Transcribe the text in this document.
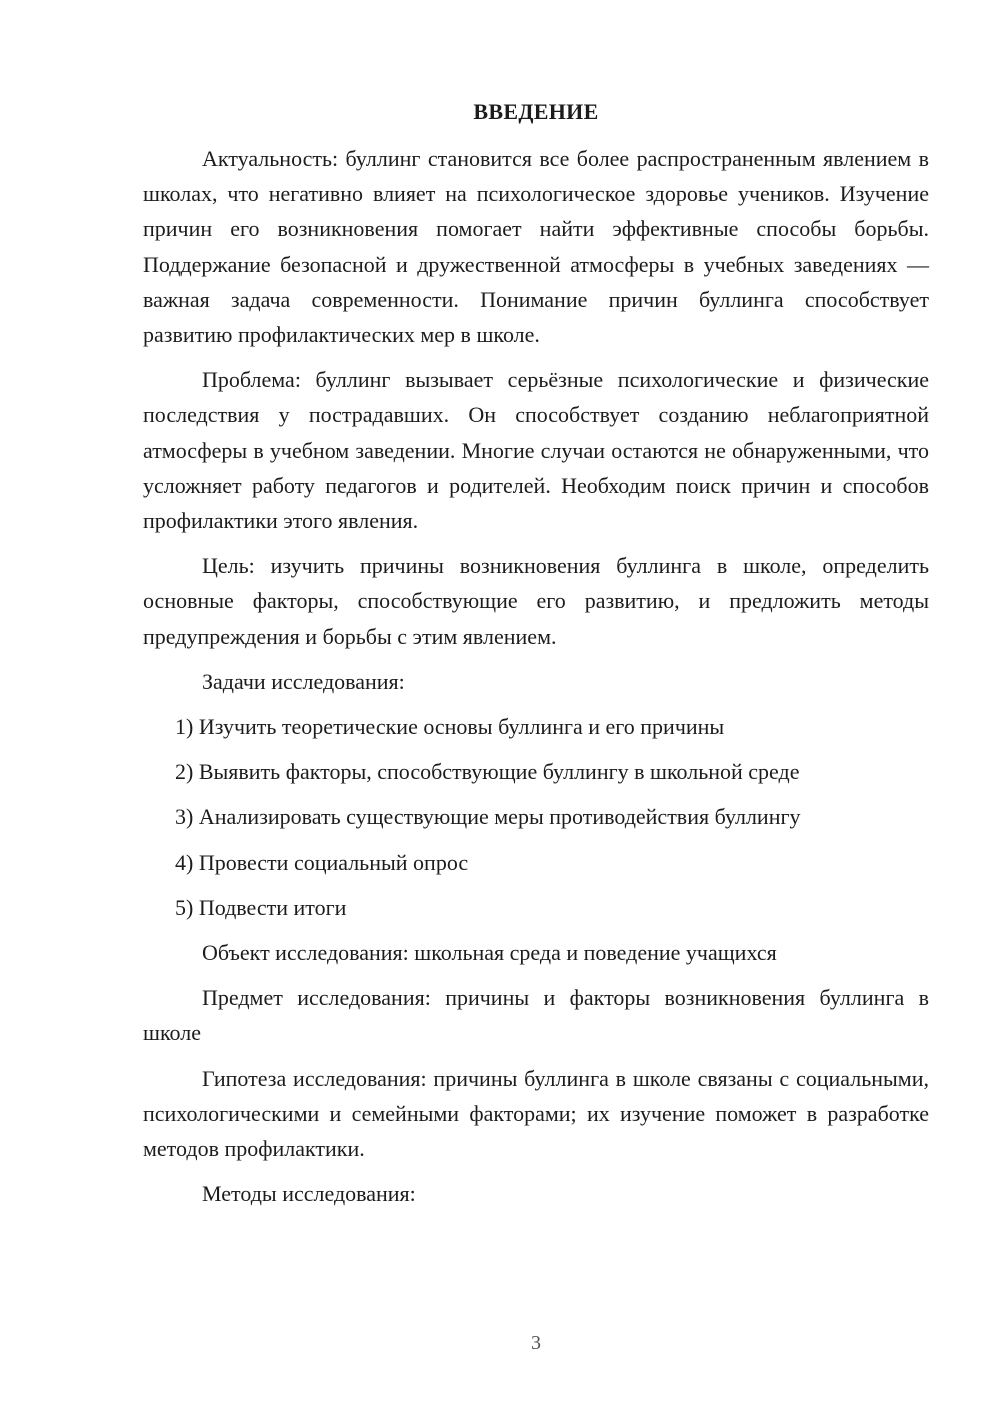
ВВЕДЕНИЕ

Актуальность: буллинг становится все более распространенным явлением в школах, что негативно влияет на психологическое здоровье учеников. Изучение причин его возникновения помогает найти эффективные способы борьбы. Поддержание безопасной и дружественной атмосферы в учебных заведениях — важная задача современности. Понимание причин буллинга способствует развитию профилактических мер в школе.

Проблема: буллинг вызывает серьёзные психологические и физические последствия у пострадавших. Он способствует созданию неблагоприятной атмосферы в учебном заведении. Многие случаи остаются не обнаруженными, что усложняет работу педагогов и родителей. Необходим поиск причин и способов профилактики этого явления.

Цель: изучить причины возникновения буллинга в школе, определить основные факторы, способствующие его развитию, и предложить методы предупреждения и борьбы с этим явлением.

Задачи исследования:

1) Изучить теоретические основы буллинга и его причины

2) Выявить факторы, способствующие буллингу в школьной среде

3) Анализировать существующие меры противодействия буллингу

4) Провести социальный опрос

5) Подвести итоги

Объект исследования: школьная среда и поведение учащихся

Предмет исследования: причины и факторы возникновения буллинга в школе

Гипотеза исследования: причины буллинга в школе связаны с социальными, психологическими и семейными факторами; их изучение поможет в разработке методов профилактики.

Методы исследования:

3
